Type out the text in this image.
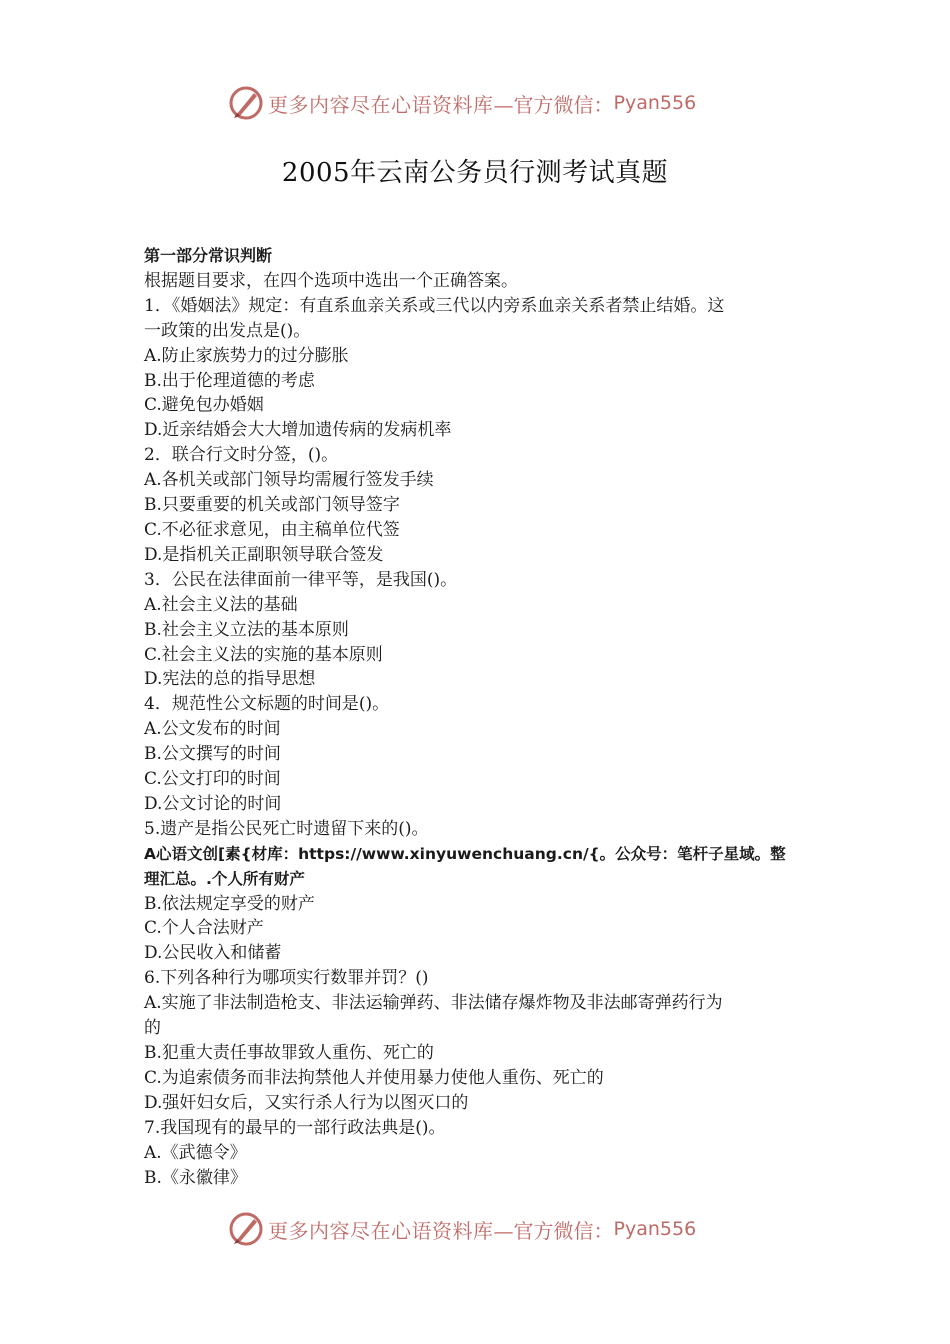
更多内容尽在心语资料库 —官方微信： Pyan556
2005年云南公务员行测考试真题

第一部分常识判断

根据题目要求，在四个选项中选出一个正确答案。

1．《婚姻法》规定：有直系血亲关系或三代以内旁系血亲关系者禁止结婚。这

一政策的出发点是()。

A.防止家族势力的过分膨胀

B.出于伦理道德的考虑

C.避免包办婚姻

D.近亲结婚会大大增加遗传病的发病机率

2．联合行文时分签，()。

A.各机关或部门领导均需履行签发手续

B.只要重要的机关或部门领导签字

C.不必征求意见，由主稿单位代签

D.是指机关正副职领导联合签发

3．公民在法律面前一律平等，是我国()。

A.社会主义法的基础

B.社会主义立法的基本原则

C.社会主义法的实施的基本原则

D.宪法的总的指导思想

4．规范性公文标题的时间是()。

A.公文发布的时间

B.公文撰写的时间

C.公文打印的时间

D.公文讨论的时间

5.遗产是指公民死亡时遗留下来的()。

A心语文创[素{材库：https://www.xinyuwenchuang.cn/{。公众号：笔杆子星域。整

理汇总。.个人所有财产

B.依法规定享受的财产

C.个人合法财产

D.公民收入和储蓄

6.下列各种行为哪项实行数罪并罚？()

A.实施了非法制造枪支、非法运输弹药、非法储存爆炸物及非法邮寄弹药行为

的

B.犯重大责任事故罪致人重伤、死亡的

C.为追索债务而非法拘禁他人并使用暴力使他人重伤、死亡的

D.强奸妇女后，又实行杀人行为以图灭口的

7.我国现有的最早的一部行政法典是()。

A.《武德令》

B.《永徽律》

更多内容尽在心语资料库 —官方微信： Pyan556
